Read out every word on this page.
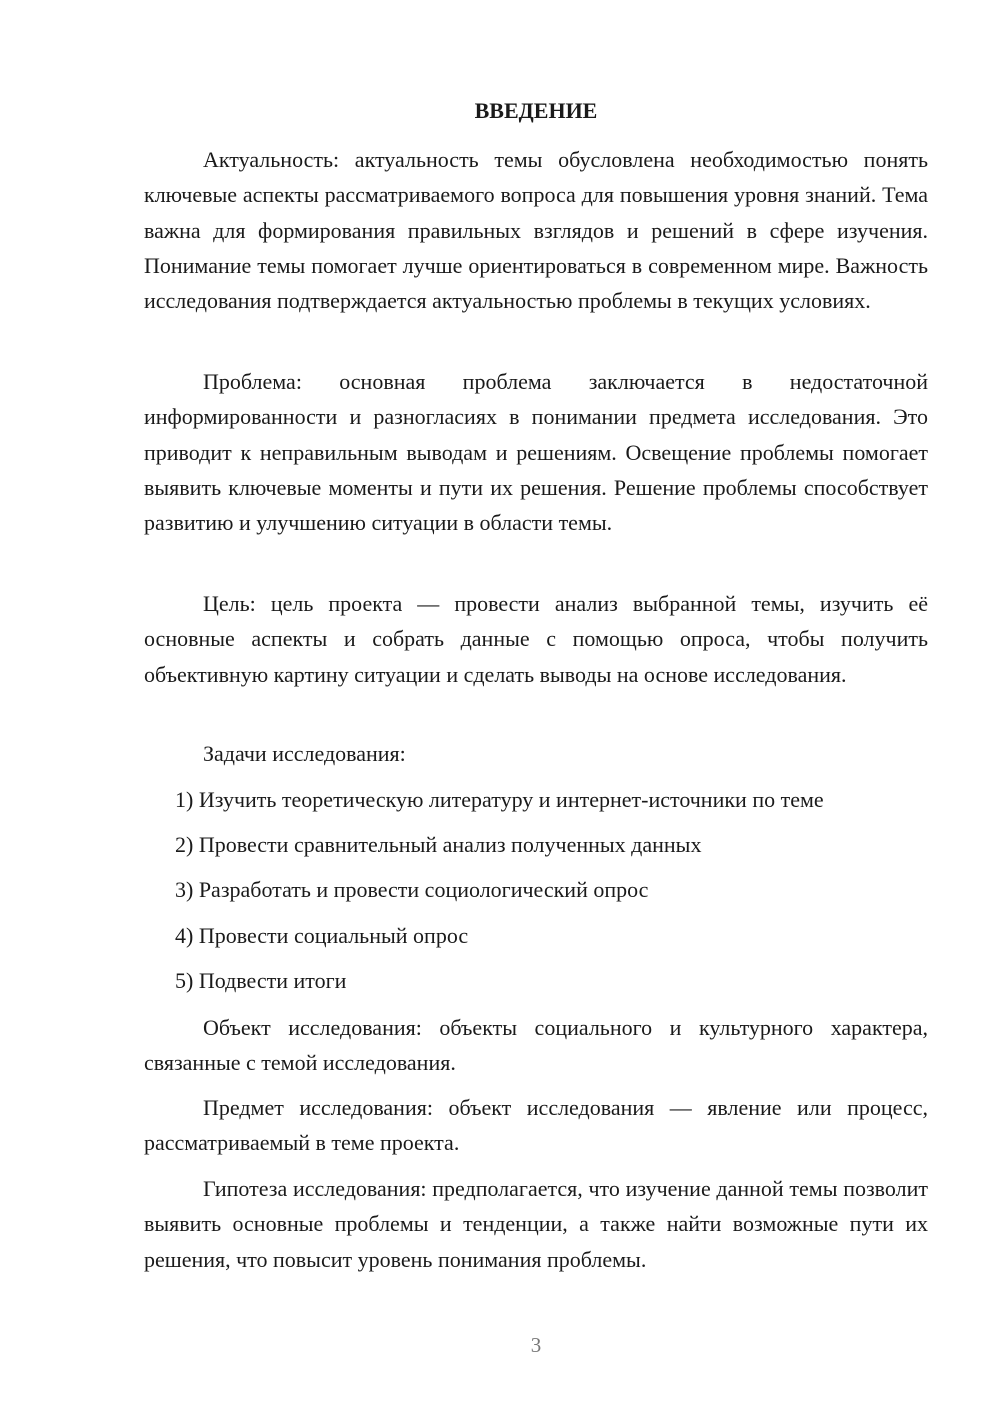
ВВЕДЕНИЕ

Актуальность: актуальность темы обусловлена необходимостью понять ключевые аспекты рассматриваемого вопроса для повышения уровня знаний. Тема важна для формирования правильных взглядов и решений в сфере изучения. Понимание темы помогает лучше ориентироваться в современном мире. Важность исследования подтверждается актуальностью проблемы в текущих условиях.

Проблема: основная проблема заключается в недостаточной информированности и разногласиях в понимании предмета исследования. Это приводит к неправильным выводам и решениям. Освещение проблемы помогает выявить ключевые моменты и пути их решения. Решение проблемы способствует развитию и улучшению ситуации в области темы.

Цель: цель проекта — провести анализ выбранной темы, изучить её основные аспекты и собрать данные с помощью опроса, чтобы получить объективную картину ситуации и сделать выводы на основе исследования.

Задачи исследования:

1) Изучить теоретическую литературу и интернет-источники по теме

2) Провести сравнительный анализ полученных данных

3) Разработать и провести социологический опрос

4) Провести социальный опрос

5) Подвести итоги

Объект исследования: объекты социального и культурного характера, связанные с темой исследования.

Предмет исследования: объект исследования — явление или процесс, рассматриваемый в теме проекта.

Гипотеза исследования: предполагается, что изучение данной темы позволит выявить основные проблемы и тенденции, а также найти возможные пути их решения, что повысит уровень понимания проблемы.

3
